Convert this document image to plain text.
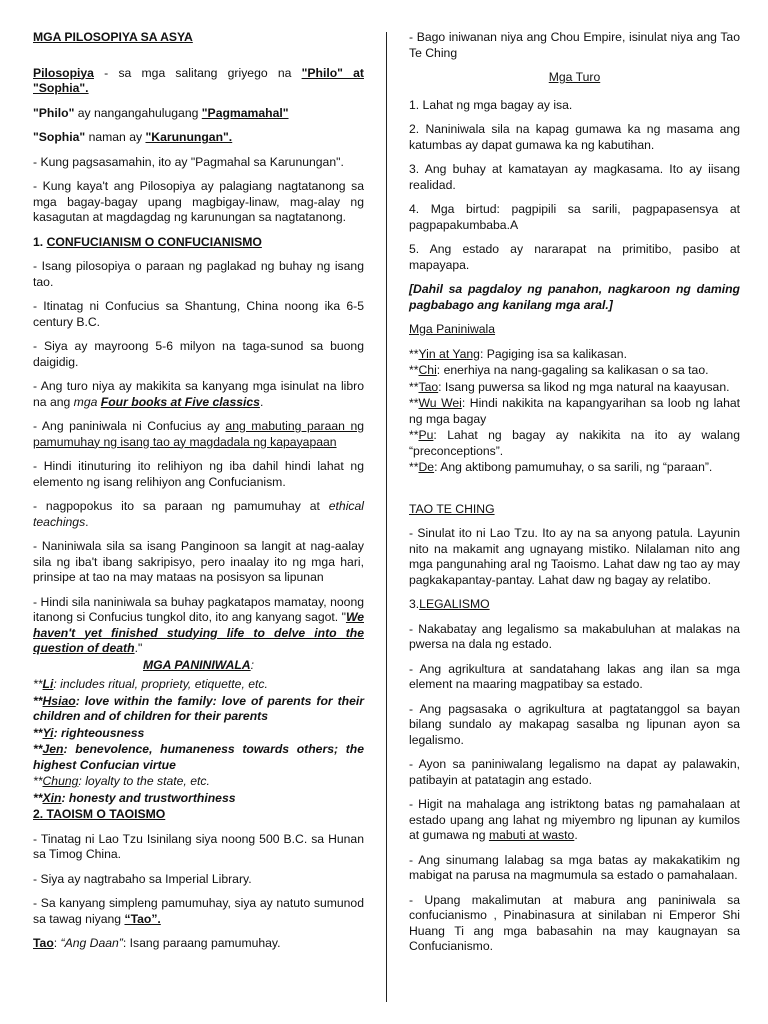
MGA PILOSOPIYA SA ASYA

Pilosopiya - sa mga salitang griyego na "Philo" at "Sophia".

"Philo" ay nangangahulugang "Pagmamahal"

"Sophia" naman ay "Karunungan".

- Kung pagsasamahin, ito ay "Pagmahal sa Karunungan".

- Kung kaya't ang Pilosopiya ay palagiang nagtatanong sa mga bagay-bagay upang magbigay-linaw, mag-alay ng kasagutan at magdagdag ng karunungan sa nagtatanong.

1. CONFUCIANISM O CONFUCIANISMO

- Isang pilosopiya o paraan ng paglakad ng buhay ng isang tao.

- Itinatag ni Confucius sa Shantung, China noong ika 6-5 century B.C.

- Siya ay mayroong 5-6 milyon na taga-sunod sa buong daigidig.

- Ang turo niya ay makikita sa kanyang mga isinulat na libro na ang mga Four books at Five classics.

- Ang paniniwala ni Confucius ay ang mabuting paraan ng pamumuhay ng isang tao ay magdadala ng kapayapaan

- Hindi itinuturing ito relihiyon ng iba dahil hindi lahat ng elemento ng isang relihiyon ang Confucianism.

- nagpopokus ito sa paraan ng pamumuhay at ethical teachings.

- Naniniwala sila sa isang Panginoon sa langit at nag-aalay sila ng iba't ibang sakripisyo, pero inaalay ito ng mga hari, prinsipe at tao na may mataas na posisyon sa lipunan

- Hindi sila naniniwala sa buhay pagkatapos mamatay, noong itanong si Confucius tungkol dito, ito ang kanyang sagot. "We haven't yet finished studying life to delve into the question of death."

MGA PANINIWALA:

**Li: includes ritual, propriety, etiquette, etc.

**Hsiao: love within the family: love of parents for their children and of children for their parents

**Yi: righteousness

**Jen: benevolence, humaneness towards others; the highest Confucian virtue

**Chung: loyalty to the state, etc.

**Xin: honesty and trustworthiness

2. TAOISM O TAOISMO

- Tinatag ni Lao Tzu Isinilang siya noong 500 B.C. sa Hunan sa Timog China.

- Siya ay nagtrabaho sa Imperial Library.

- Sa kanyang simpleng pamumuhay, siya ay natuto sumunod sa tawag niyang “Tao”.

Tao: “Ang Daan”: Isang paraang pamumuhay.

- Bago iniwanan niya ang Chou Empire, isinulat niya ang Tao Te Ching

Mga Turo

1. Lahat ng mga bagay ay isa.

2. Naniniwala sila na kapag gumawa ka ng masama ang katumbas ay dapat gumawa ka ng kabutihan.

3. Ang buhay at kamatayan ay magkasama. Ito ay iisang realidad.

4. Mga birtud: pagpipili sa sarili, pagpapasensya at pagpapakumbaba.A

5. Ang estado ay nararapat na primitibo, pasibo at mapayapa.

[Dahil sa pagdaloy ng panahon, nagkaroon ng daming pagbabago ang kanilang mga aral.]

Mga Paniniwala

**Yin at Yang: Pagiging isa sa kalikasan.

**Chi: enerhiya na nang-gagaling sa kalikasan o sa tao.

**Tao: Isang puwersa sa likod ng mga natural na kaayusan.

**Wu Wei: Hindi nakikita na kapangyarihan sa loob ng lahat ng mga bagay

**Pu: Lahat ng bagay ay nakikita na ito ay walang “preconceptions”.

**De: Ang aktibong pamumuhay, o sa sarili, ng “paraan”.

TAO TE CHING

- Sinulat ito ni Lao Tzu. Ito ay na sa anyong patula. Layunin nito na makamit ang ugnayang mistiko. Nilalaman nito ang mga pangunahing aral ng Taoismo. Lahat daw ng tao ay may pagkakapantay-pantay. Lahat daw ng bagay ay relatibo.

3.LEGALISMO

- Nakabatay ang legalismo sa makabuluhan at malakas na pwersa na dala ng estado.

- Ang agrikultura at sandatahang lakas ang ilan sa mga element na maaring magpatibay sa estado.

- Ang pagsasaka o agrikultura at pagtatanggol sa bayan bilang sundalo ay makapag sasalba ng lipunan ayon sa legalismo.

- Ayon sa paniniwalang legalismo na dapat ay palawakin, patibayin at patatagin ang estado.

- Higit na mahalaga ang istriktong batas ng pamahalaan at estado upang ang lahat ng miyembro ng lipunan ay kumilos at gumawa ng mabuti at wasto.

- Ang sinumang lalabag sa mga batas ay makakatikim ng mabigat na parusa na magmumula sa estado o pamahalaan.

- Upang makalimutan at mabura ang paniniwala sa confucianismo , Pinabinasura at sinilaban ni Emperor Shi Huang Ti ang mga babasahin na may kaugnayan sa Confucianismo.
